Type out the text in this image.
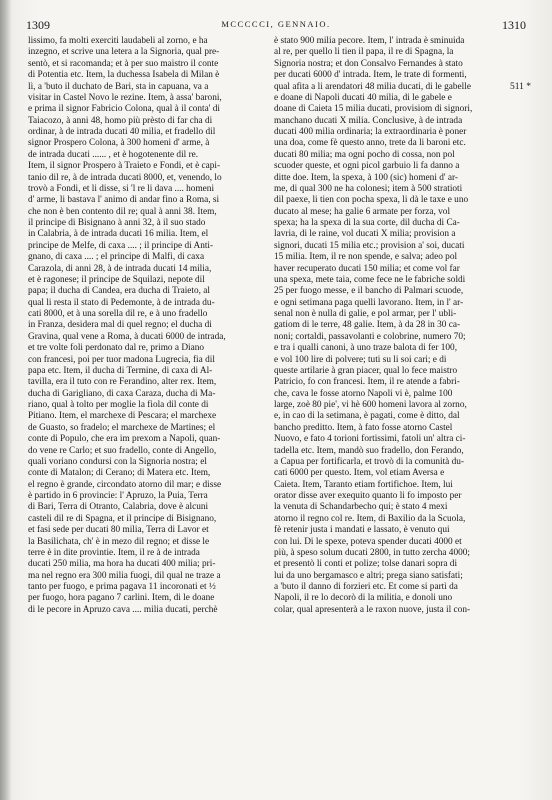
1309	MCCCCCI, GENNAIO.	1310
511 *
lissimo, fa molti exerciti laudabeli al zorno, e ha
inzegno, et scrive una letera a la Signoria, qual pre-
sentò, et si racomanda; et à per suo maistro il conte
di Potentia etc. Item, la duchessa Isabela di Milan è
lì, a 'buto il duchato de Bari, sta in capuana, va a
visitar in Castel Novo le rezine. Item, à assa' baroni,
e prima il signor Fabricio Colona, qual à il conta' di
Taiacozo, à anni 48, homo più prèsto di far cha di
ordinar, à de intrada ducati 40 milia, et fradello dil
signor Prospero Colona, à 300 homeni d' arme, à
de intrada ducati ...... , et è hogotenente dil re.
Item, il signor Prospero à Traieto e Fondi, et è capi-
tanio dil re, à de intrada ducati 8000, et, venendo, lo
trovò a Fondi, et li disse, si 'l re li dava .... homeni
d' arme, li bastava l' animo di andar fino a Roma, si
che non è ben contento dil re; qual à anni 38. Item,
il principe di Bisignano à anni 32, à il suo stado
in Calabria, à de intrada ducati 16 milia. Item, el
principe de Melfe, di caxa .... ; il principe di Anti-
gnano, di caxa .... ; el principe di Malfi, di caxa
Carazola, di anni 28, à de intrada ducati 14 milia,
et è ragonese; il principe de Squilazi, nepote dil
papa; il ducha di Candea, era ducha di Traieto, al
qual li resta il stato di Pedemonte, à de intrada du-
cati 8000, et à una sorella dil re, e à uno fradello
in Franza, desidera mal di quel regno; el ducha di
Gravina, qual vene a Roma, à ducati 6000 de intrada,
et tre volte foli perdonato dal re, primo a Diano
con francesi, poi per tuor madona Lugrecia, fia dil
papa etc. Item, il ducha di Termine, di caxa di Al-
tavilla, era il tuto con re Ferandino, alter rex. Item,
ducha di Garigliano, di caxa Caraza, ducha di Ma-
riano, qual à tolto per moglie la fiola dil conte di
Pitiano. Item, el marchexe di Pescara; el marchexe
de Guasto, so fradelo; el marchexe de Martines; el
conte di Populo, che era im prexom a Napoli, quan-
do vene re Carlo; et suo fradello, conte di Angello,
quali voriano condursi con la Signoria nostra; el
conte di Matalon; di Cerano; di Matera etc. Item,
el regno è grande, circondato atorno dil mar; e disse
è partido in 6 provincie: l' Apruzo, la Puia, Terra
di Bari, Terra di Otranto, Calabria, dove è alcuni
casteli dil re di Spagna, et il principe di Bisignano,
et fasi sede per ducati 80 milia, Terra di Lavor et
la Basilichata, ch' è in mezo dil regno; et disse le
terre è in dite provintie. Item, il re à de intrada
ducati 250 milia, ma hora ha ducati 400 milia; pri-
ma nel regno era 300 milia fuogi, dil qual ne traze a
tanto per fuogo, e prima pagava 11 incoronati et ½
per fuogo, hora pagano 7 carlini. Item, di le doane
di le pecore in Apruzo cava .... milia ducati, perchè
è stato 900 milia pecore. Item, l' intrada è sminuida
al re, per quello li tien il papa, il re di Spagna, la
Signoria nostra; et don Consalvo Fernandes à stato
per ducati 6000 d' intrada. Item, le trate di formenti,
qual afita a li arendatori 48 milia ducati, di le gabelle
e doane di Napoli ducati 40 milia, di le gabele e
doane di Caieta 15 milia ducati, provisiom di signori,
manchano ducati X milia. Conclusive, à de intrada
ducati 400 milia ordinaria; la extraordinaria è poner
una doa, come fè questo anno, trete da li baroni etc.
ducati 80 milia; ma ogni pocho di cossa, non pol
scuoder queste, et ogni picol garbuio li fa danno a
ditte doe. Item, la spexa, à 100 (sic) homeni d' ar-
me, di qual 300 ne ha colonesi; item à 500 stratioti
dil paexe, li tien con pocha spexa, li dà le taxe e uno
ducato al mese; ha galie 6 armate per forza, vol
spexa; ha la spexa di la sua corte, dil ducha di Ca-
lavria, di le raine, vol ducati X milia; provision a
signori, ducati 15 milia etc.; provision a' soi, ducati
15 milia. Item, il re non spende, e salva; adeo pol
haver recuperato ducati 150 milia; et come vol far
una spexa, mete taia, come fece ne le fabriche soldi
25 per fuogo messe, e il bancho di Palmari scuode,
e ogni setimana paga quelli lavorano. Item, in l' ar-
senal non è nulla di galie, e pol armar, per l' ubli-
gatiom di le terre, 48 galie. Item, à da 28 in 30 ca-
noni; cortaldi, passavolanti e colobrine, numero 70;
e tra i qualli canoni, à uno traze balota di fer 100,
e vol 100 lire di polvere; tuti su li soi cari; e di
queste artilarie à gran piacer, qual lo fece maistro
Patricio, fo con francesi. Item, il re atende a fabri-
che, cava le fosse atorno Napoli vi è, palme 100
large, zoè 80 pie', vi hè 600 homeni lavora al zorno,
e, in cao di la setimana, è pagati, come è ditto, dal
bancho preditto. Item, à fato fosse atorno Castel
Nuovo, e fato 4 torioni fortissimi, fatoli un' altra ci-
tadella etc. Item, mandò suo fradello, don Ferando,
a Capua per fortificarla, et trovò di la comunità du-
cati 6000 per questo. Item, vol etiam Aversa e
Caieta. Item, Taranto etiam fortifichoe. Item, lui
orator disse aver exequito quanto li fo imposto per
la venuta di Schandarbecho qui; è stato 4 mexi
atorno il regno col re. Item, di Baxilio da la Scuola,
fè retenir justa i mandati e lassato, è venuto qui
con lui. Di le spexe, poteva spender ducati 4000 et
più, à speso solum ducati 2800, in tutto zercha 4000;
et presentò li conti et polize; tolse danari sopra di
lui da uno bergamasco e altri; prega siano satisfati;
a 'buto il danno di forzieri etc. Et come si partì da
Napoli, il re lo decorò di la militia, e donoli uno
colar, qual apresenterà a le raxon nuove, justa il con-
